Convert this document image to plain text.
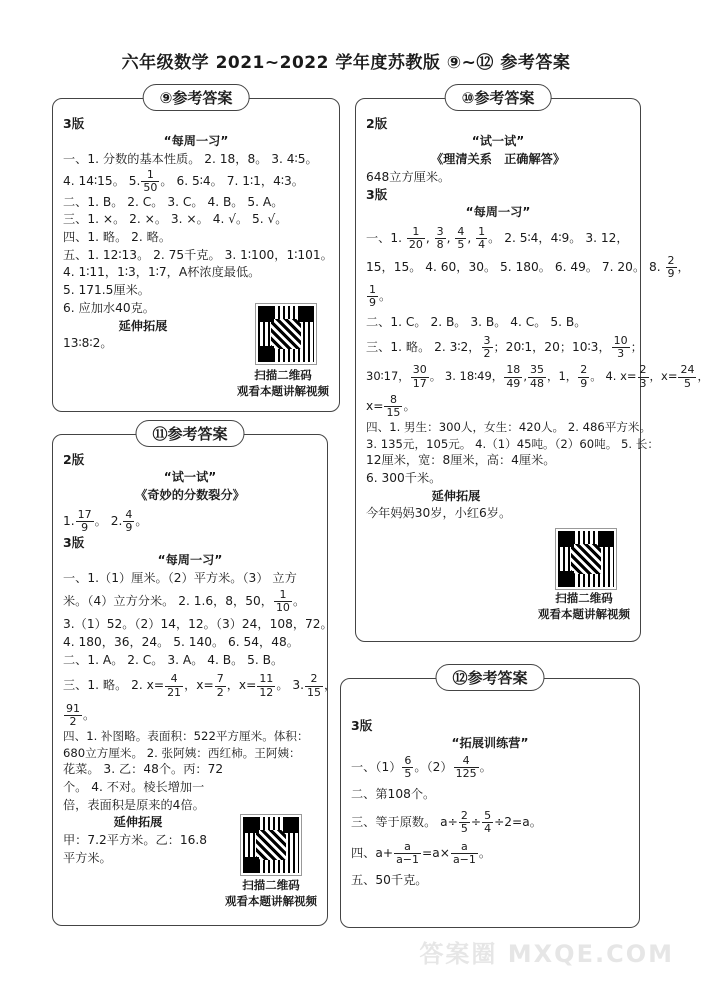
六年级数学 2021~2022 学年度苏教版 ⑨~⑫ 参考答案
⑨参考答案
3版
“每周一习”
一、1. 分数的基本性质。 2. 18，8。 3. 4∶5。
4. 14∶15。 5. $\frac{1}{50}$ 。 6. 5∶4。 7. 1∶1，4∶3。
二、1. B。 2. C。 3. C。 4. B。 5. A。
三、1. ×。 2. ×。 3. ×。 4. √。 5. √。
四、1. 略。 2. 略。
五、1. 12∶13。 2. 75千克。 3. 1∶100，1∶101。
4. 1∶11，1∶3，1∶7，A杯浓度最低。
5. 171.5厘米。
6. 应加水40克。
延伸拓展
13∶8∶2。
扫描二维码
观看本题讲解视频
⑩参考答案
2版
“试一试”
《理清关系　正确解答》
648立方厘米。
3版
“每周一习”
一、1. $\frac{1}{20}$ , $\frac{3}{8}$ , $\frac{4}{5}$ , $\frac{1}{4}$ 。 2. 5∶4，4∶9。 3. 12，
15，15。 4. 60，30。 5. 180。 6. 49。 7. 20。 8. $\frac{2}{9}$ ，
$\frac{1}{9}$ 。
二、1. C。 2. B。 3. B。 4. C。 5. B。
三、1. 略。 2. 3∶2， $\frac{3}{2}$ ；20∶1，20；10∶3， $\frac{10}{3}$ ；
30∶17， $\frac{30}{17}$ 。 3. 18∶49， $\frac{18}{49}$ , $\frac{35}{48}$ ，1， $\frac{2}{9}$ 。 4. $x= \frac{2}{3}$ ，$x= \frac{24}{5}$ ，
$x= \frac{8}{15}$ 。
四、1. 男生：300人，女生：420人。 2. 486平方米。
3. 135元，105元。 4.（1）45吨。（2）60吨。 5. 长：
12厘米，宽：8厘米，高：4厘米。
6. 300千米。
延伸拓展
今年妈妈30岁，小红6岁。
扫描二维码
观看本题讲解视频
⑪参考答案
2版
“试一试”
《奇妙的分数裂分》
1. $\frac{17}{9}$ 。 2. $\frac{4}{9}$ 。
3版
“每周一习”
一、1.（1）厘米。（2）平方米。（3） 立方
米。（4）立方分米。 2. 1.6，8，50， $\frac{1}{10}$ 。
3.（1）52。（2）14，12。（3）24，108，72。
4. 180，36，24。 5. 140。 6. 54，48。
二、1. A。 2. C。 3. A。 4. B。 5. B。
三、1. 略。 2. $x= \frac{4}{21}$ ，$x= \frac{7}{2}$ ，$x= \frac{11}{12}$ 。 3. $\frac{2}{15}$ ，
$\frac{91}{2}$ 。
四、1. 补图略。表面积：522平方厘米。体积：
680立方厘米。 2. 张阿姨：西红柿。王阿姨：
花菜。 3. 乙：48个。丙：72
个。 4. 不对。棱长增加一
倍，表面积是原来的4倍。
延伸拓展
甲：7.2平方米。乙：16.8
平方米。
扫描二维码
观看本题讲解视频
⑫参考答案
3版
“拓展训练营”
一、$(1) \frac{6}{5}$ 。$(2) \frac{4}{125}$ 。
二、第108个。
三、等于原数。 $a\div \frac{2}{5} \div \frac{5}{4} \div 2=a$。
四、$a+ \frac{a}{a-1} =a\times \frac{a}{a-1}$ 。
五、50千克。
答案圈 MXQE.COM
